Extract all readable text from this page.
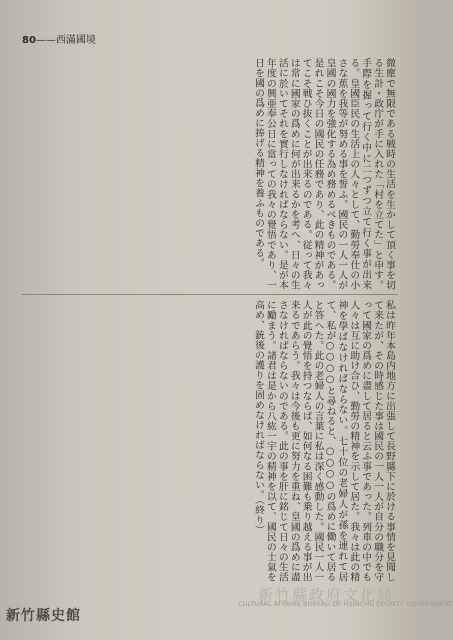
80——西滿國境
微塵で無限である戦時の生活を生かして頂く事を切る生計・政庁が手に入れた「村を立てた」と申す。手際を握って行く中に二つずつ立て行く事が出来る。皇國臣民の生活上の人々として、勤勞奉仕の小さな蕉を我等が努める事を誓ふ。國民の一人一人が皇國の國力を強化する為め務めるべきものである。是れこそ今日の國民の任務であり、此の精神があってこそ戦ひ抜くことが出来るのである。従って我々は常に國家の爲めに何が出来るかを考へ、日々の生活に於いてそれを實行しなければならない。是が本年度の興亜奉公日に當っての我々の覺悟であり、一日を國の爲めに捧げる精神を養ふものである。
私は昨年本島内地方に出張して長野縣下に於ける事情を見聞して来たが、その時感じた事は國民の一人一人が自分の職分を守って國家の爲めに盡して居ると云ふ事であった。列車の中でも人々は互に助け合ひ、勤勞の精神を示して居た。我々は此の精神を學ばなければならない。七十位の老婦人が孫を連れて居て、私が○○○○と尋ねると、○○○○の爲めに働いて居ると答へた。此の老婦人の言葉に私は深く感動した。國民一人一人が此の覺悟を持つならば、如何なる困難も乗り越える事が出来るであらう。我々は今後も更に努力を重ね、皇國の爲めに盡さなければならないのである。此の事を肝に銘じて日々の生活に勵まう。諸君は是から八紘一宇の精神を以て、國民の士氣を高め、銃後の護りを固めなければならない。（終り）
新竹縣政府文化局
CULTURAL AFFAIRS BUREAU OF HSINCHU COUNTY GOVERNMENT
新竹縣史館
